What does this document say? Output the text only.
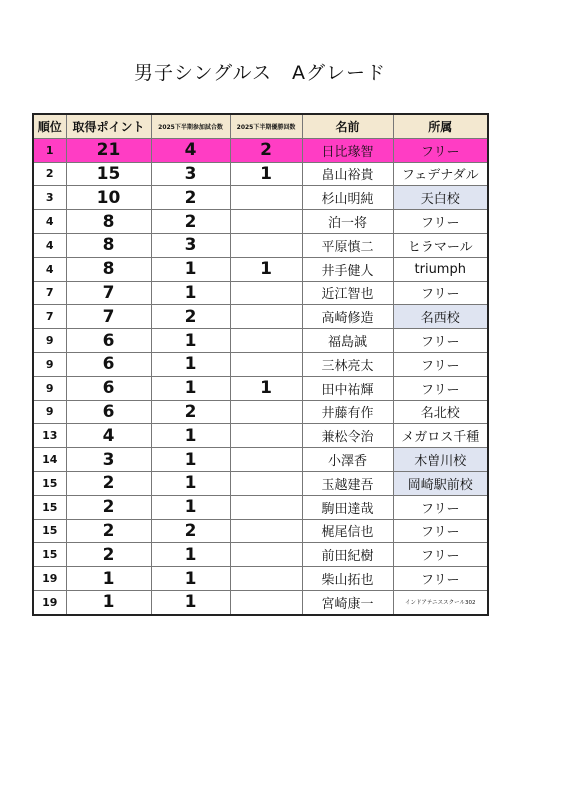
男子シングルス　Aグレード
順位	取得ポイント	2025下半期参加試合数	2025下半期優勝回数	名前	所属
1	21	4	2	日比瑑智	フリー
2	15	3	1	畠山裕貴	フェデナダル
3	10	2		杉山明純	天白校
4	8	2		泊一将	フリー
4	8	3		平原慎二	ヒラマール
4	8	1	1	井手健人	triumph
7	7	1		近江智也	フリー
7	7	2		高崎修造	名西校
9	6	1		福島誠	フリー
9	6	1		三林亮太	フリー
9	6	1	1	田中祐輝	フリー
9	6	2		井藤有作	名北校
13	4	1		兼松令治	メガロス千種
14	3	1		小澤香	木曽川校
15	2	1		玉越建吾	岡崎駅前校
15	2	1		駒田達哉	フリー
15	2	2		梶尾信也	フリー
15	2	1		前田紀樹	フリー
19	1	1		柴山拓也	フリー
19	1	1		宮崎康一	インドアテニススクール302
